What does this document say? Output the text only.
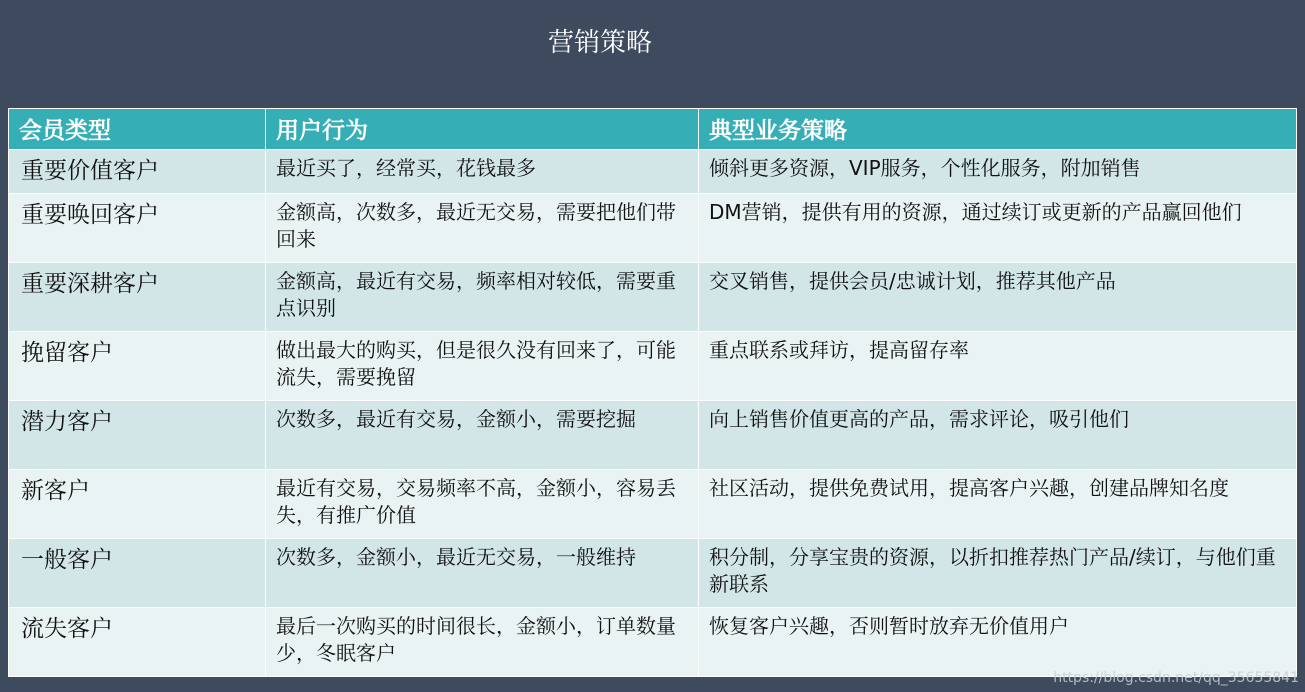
营销策略
会员类型	用户行为	典型业务策略
重要价值客户	最近买了，经常买，花钱最多	倾斜更多资源，VIP服务，个性化服务，附加销售
重要唤回客户	金额高，次数多，最近无交易，需要把他们带回来	DM营销，提供有用的资源，通过续订或更新的产品赢回他们
重要深耕客户	金额高，最近有交易，频率相对较低，需要重点识别	交叉销售，提供会员/忠诚计划，推荐其他产品
挽留客户	做出最大的购买，但是很久没有回来了，可能流失，需要挽留	重点联系或拜访，提高留存率
潜力客户	次数多，最近有交易，金额小，需要挖掘	向上销售价值更高的产品，需求评论，吸引他们
新客户	最近有交易，交易频率不高，金额小，容易丢失，有推广价值	社区活动，提供免费试用，提高客户兴趣，创建品牌知名度
一般客户	次数多，金额小，最近无交易，一般维持	积分制，分享宝贵的资源，以折扣推荐热门产品/续订，与他们重新联系
流失客户	最后一次购买的时间很长，金额小，订单数量少，冬眠客户	恢复客户兴趣，否则暂时放弃无价值用户
https://blog.csdn.net/qq_35655841
